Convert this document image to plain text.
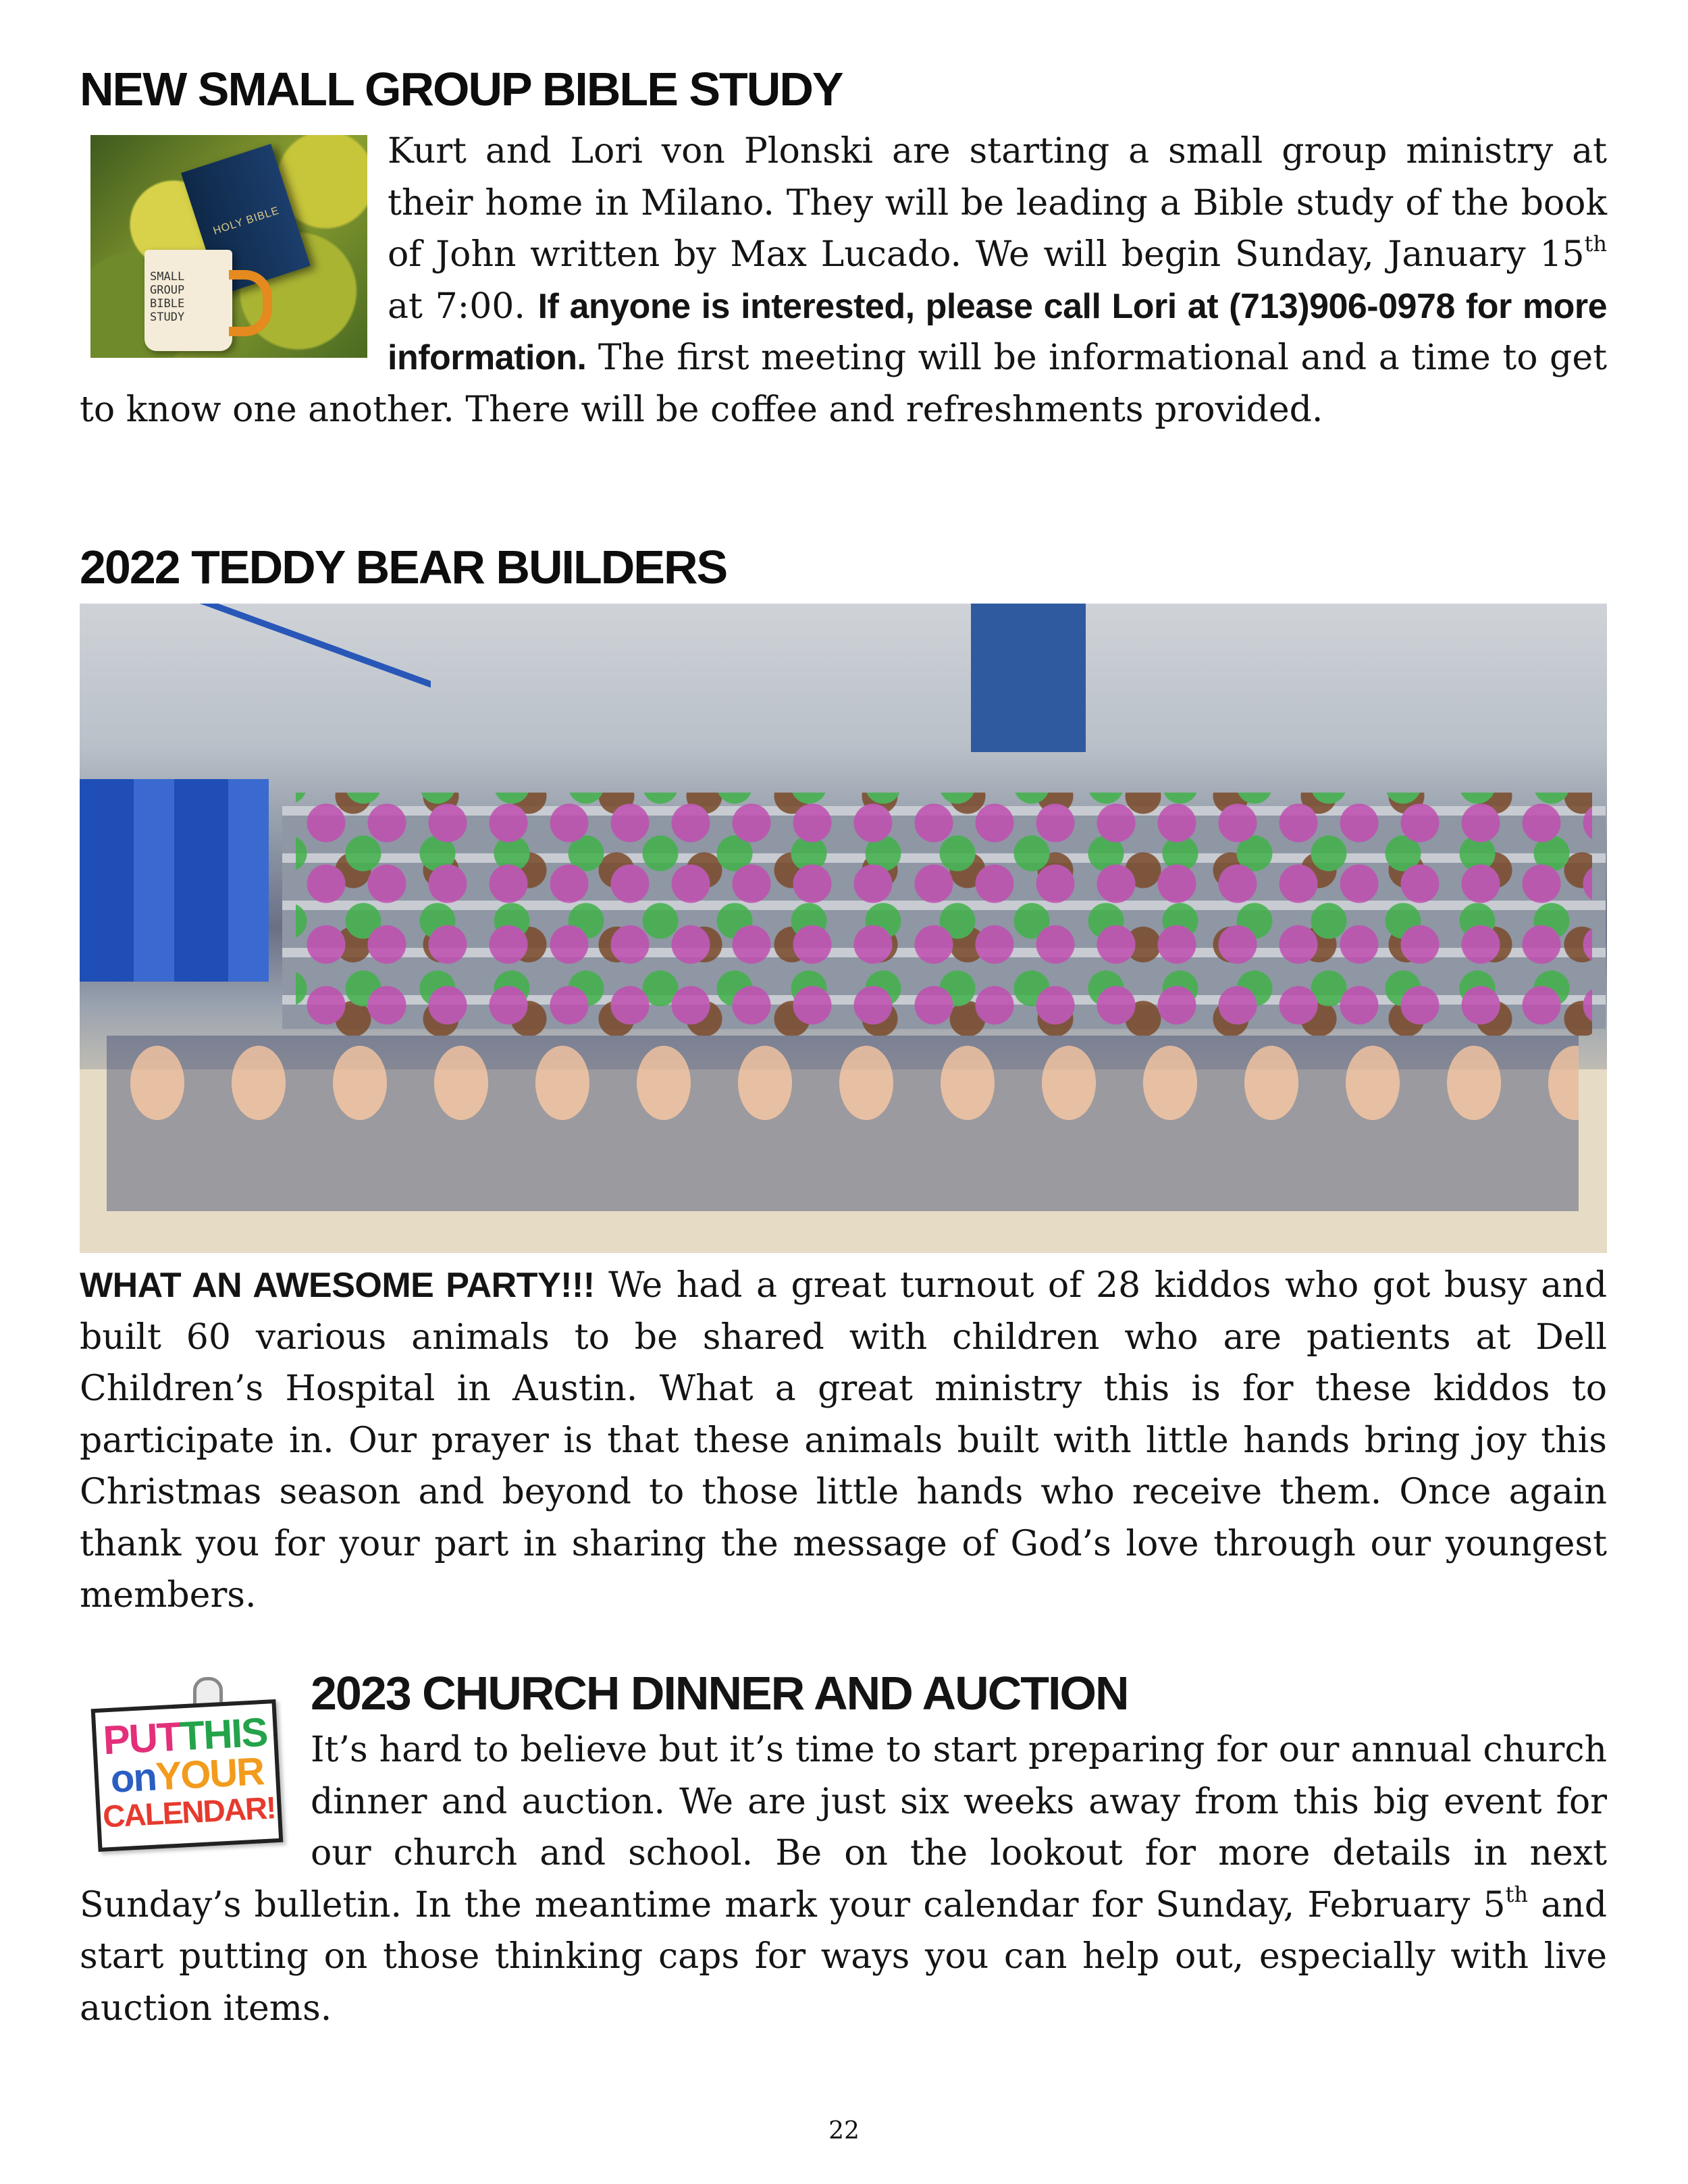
NEW SMALL GROUP BIBLE STUDY
HOLY BIBLE
SMALL
GROUP
BIBLE
STUDY
Kurt and Lori von Plonski are starting a small group ministry at their home in Milano. They will be leading a Bible study of the book of John written by Max Lucado. We will begin Sunday, January 15th at 7:00. If anyone is interested, please call Lori at (713)906-0978 for more information. The first meeting will be informational and a time to get to know one another. There will be coffee and refreshments provided.
2022 TEDDY BEAR BUILDERS
WHAT AN AWESOME PARTY!!! We had a great turnout of 28 kiddos who got busy and built 60 various animals to be shared with children who are patients at Dell Children’s Hospital in Austin. What a great ministry this is for these kiddos to participate in. Our prayer is that these animals built with little hands bring joy this Christmas season and beyond to those little hands who receive them. Once again thank you for your part in sharing the message of God’s love through our youngest members.
PUTTHIS
onYOUR
CALENDAR!
2023 CHURCH DINNER AND AUCTION
It’s hard to believe but it’s time to start preparing for our annual church dinner and auction. We are just six weeks away from this big event for our church and school. Be on the lookout for more details in next Sunday’s bulletin. In the meantime mark your calendar for Sunday, February 5th and start putting on those thinking caps for ways you can help out, especially with live auction items.
22
